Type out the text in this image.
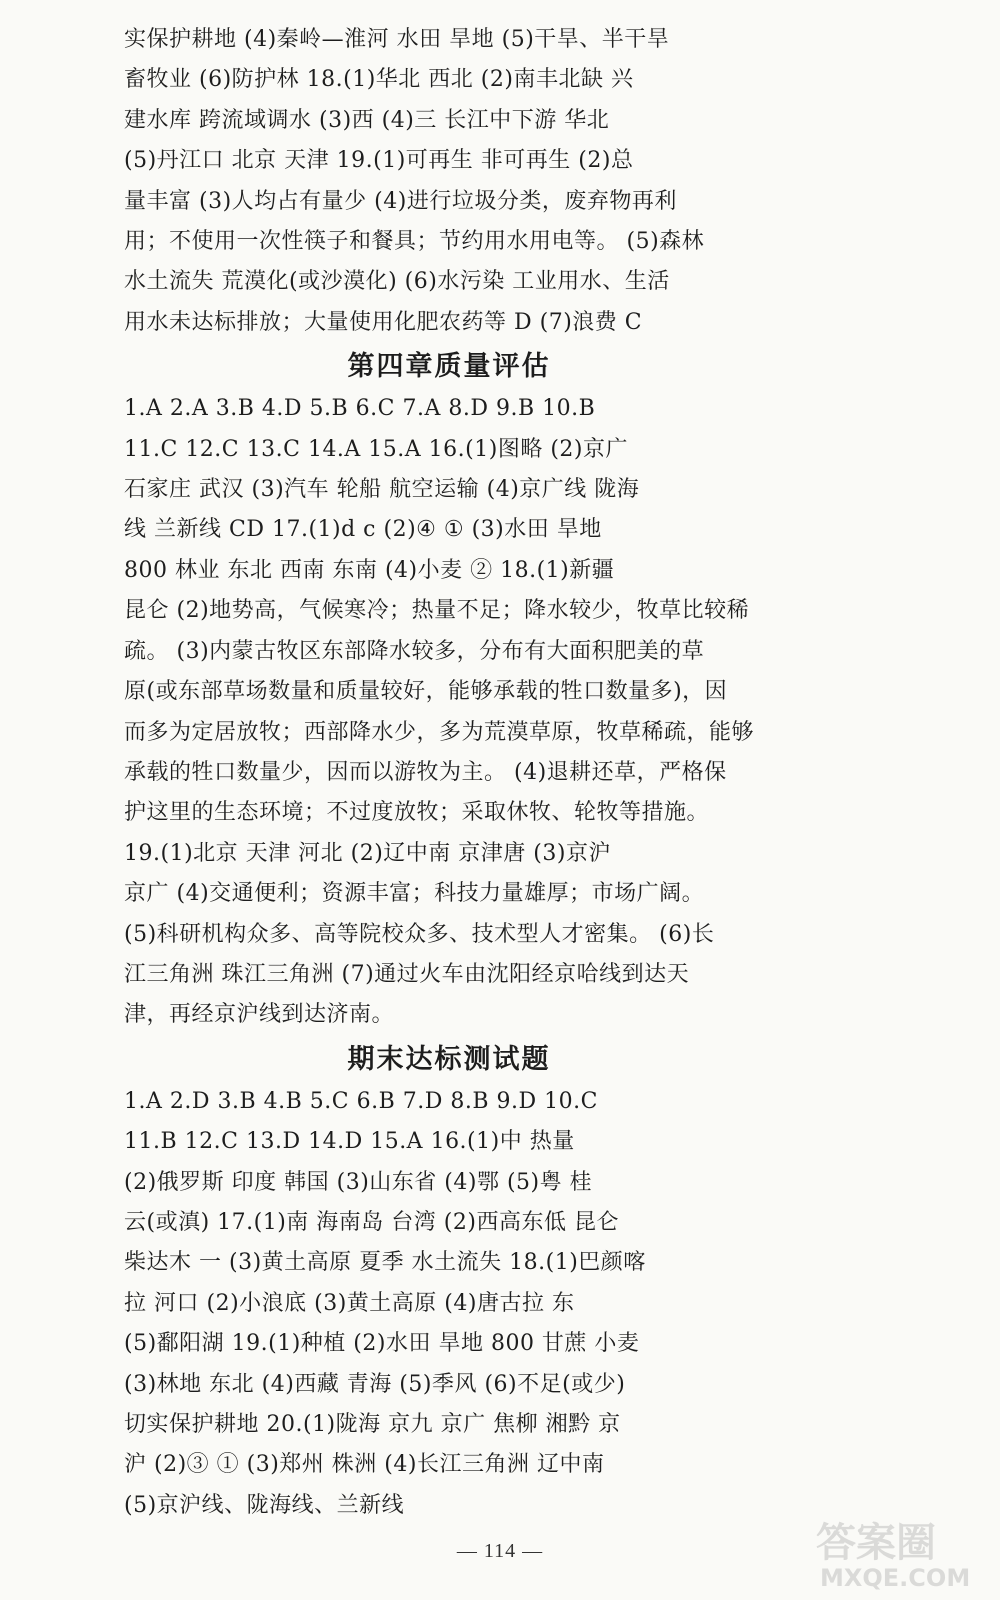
实保护耕地 (4)秦岭—淮河 水田 旱地 (5)干旱、半干旱
畜牧业 (6)防护林 18.(1)华北 西北 (2)南丰北缺 兴
建水库 跨流域调水 (3)西 (4)三 长江中下游 华北
(5)丹江口 北京 天津 19.(1)可再生 非可再生 (2)总
量丰富 (3)人均占有量少 (4)进行垃圾分类，废弃物再利
用；不使用一次性筷子和餐具；节约用水用电等。 (5)森林
水土流失 荒漠化(或沙漠化) (6)水污染 工业用水、生活
用水未达标排放；大量使用化肥农药等 D (7)浪费 C
第四章质量评估
1.A 2.A 3.B 4.D 5.B 6.C 7.A 8.D 9.B 10.B
11.C 12.C 13.C 14.A 15.A 16.(1)图略 (2)京广
石家庄 武汉 (3)汽车 轮船 航空运输 (4)京广线 陇海
线 兰新线 CD 17.(1)d c (2)④ ① (3)水田 旱地
800 林业 东北 西南 东南 (4)小麦 ② 18.(1)新疆
昆仑 (2)地势高，气候寒冷；热量不足；降水较少，牧草比较稀
疏。 (3)内蒙古牧区东部降水较多，分布有大面积肥美的草
原(或东部草场数量和质量较好，能够承载的牲口数量多)，因
而多为定居放牧；西部降水少，多为荒漠草原，牧草稀疏，能够
承载的牲口数量少，因而以游牧为主。 (4)退耕还草，严格保
护这里的生态环境；不过度放牧；采取休牧、轮牧等措施。
19.(1)北京 天津 河北 (2)辽中南 京津唐 (3)京沪
京广 (4)交通便利；资源丰富；科技力量雄厚；市场广阔。
(5)科研机构众多、高等院校众多、技术型人才密集。 (6)长
江三角洲 珠江三角洲 (7)通过火车由沈阳经京哈线到达天
津，再经京沪线到达济南。
期末达标测试题
1.A 2.D 3.B 4.B 5.C 6.B 7.D 8.B 9.D 10.C
11.B 12.C 13.D 14.D 15.A 16.(1)中 热量
(2)俄罗斯 印度 韩国 (3)山东省 (4)鄂 (5)粤 桂
云(或滇) 17.(1)南 海南岛 台湾 (2)西高东低 昆仑
柴达木 一 (3)黄土高原 夏季 水土流失 18.(1)巴颜喀
拉 河口 (2)小浪底 (3)黄土高原 (4)唐古拉 东
(5)鄱阳湖 19.(1)种植 (2)水田 旱地 800 甘蔗 小麦
(3)林地 东北 (4)西藏 青海 (5)季风 (6)不足(或少)
切实保护耕地 20.(1)陇海 京九 京广 焦柳 湘黔 京
沪 (2)③ ① (3)郑州 株洲 (4)长江三角洲 辽中南
(5)京沪线、陇海线、兰新线
— 114 —	答案圈
MXQE.COM
